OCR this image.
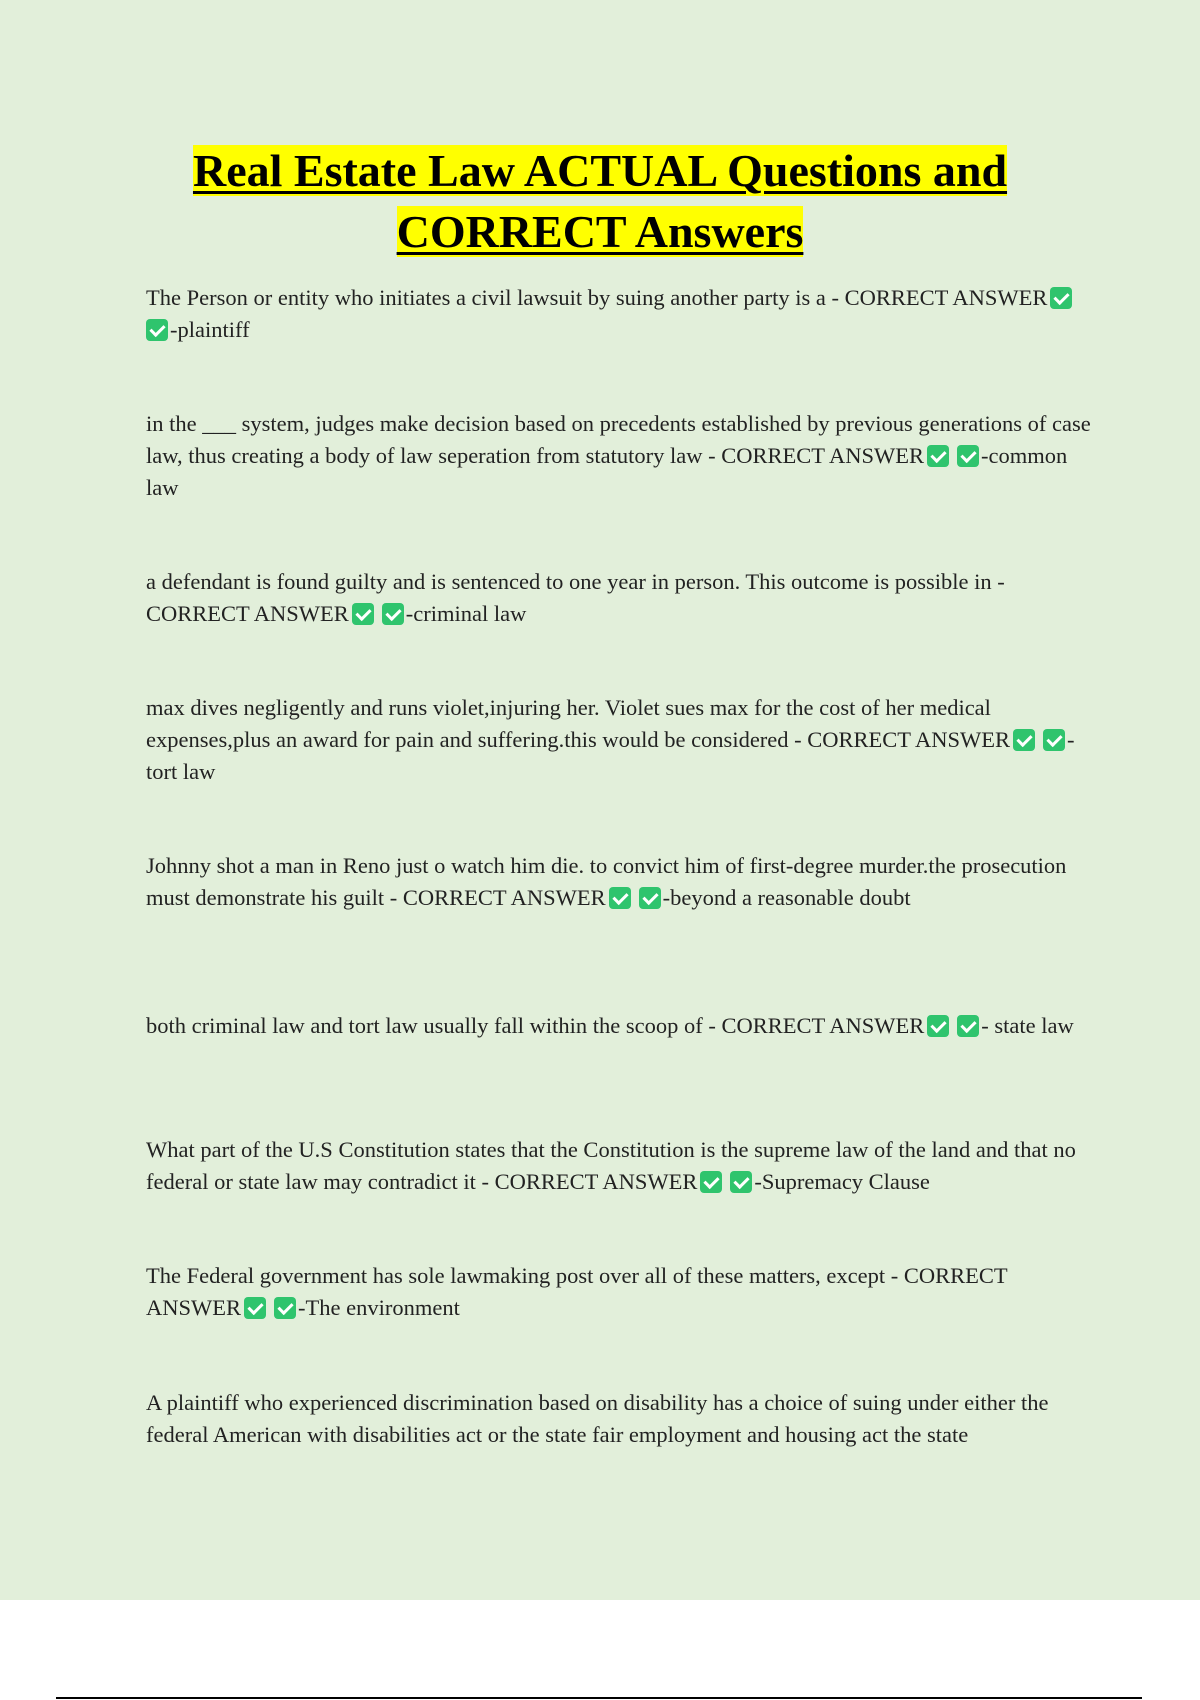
Real Estate Law ACTUAL Questions and CORRECT Answers
The Person or entity who initiates a civil lawsuit by suing another party is a - CORRECT ANSWER-plaintiff
in the ___ system, judges make decision based on precedents established by previous generations of case law, thus creating a body of law seperation from statutory law - CORRECT ANSWER	-common law
a defendant is found guilty and is sentenced to one year in person. This outcome is possible in - CORRECT ANSWER	-criminal law
max dives negligently and runs violet,injuring her. Violet sues max for the cost of her medical expenses,plus an award for pain and suffering.this would be considered - CORRECT ANSWER	-tort law
Johnny shot a man in Reno just o watch him die. to convict him of first-degree murder.the prosecution must demonstrate his guilt - CORRECT ANSWER	-beyond a reasonable doubt
both criminal law and tort law usually fall within the scoop of - CORRECT ANSWER	- state law
What part of the U.S Constitution states that the Constitution is the supreme law of the land and that no federal or state law may contradict it - CORRECT ANSWER	-Supremacy Clause
The Federal government has sole lawmaking post over all of these matters, except - CORRECT ANSWER	-The environment
A plaintiff who experienced discrimination based on disability has a choice of suing under either the federal American with disabilities act or the state fair employment and housing act the state
